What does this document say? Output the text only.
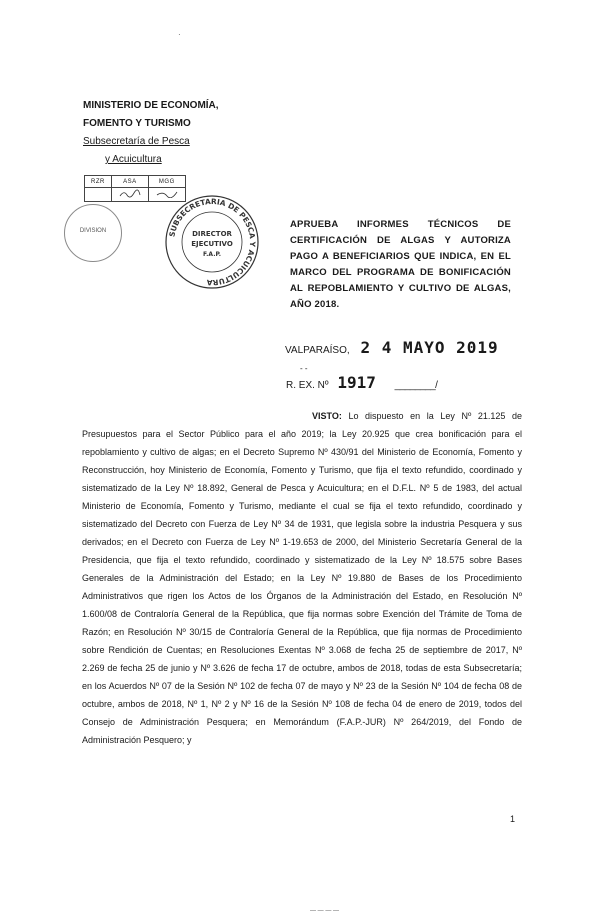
·
MINISTERIO DE ECONOMÍA,
FOMENTO Y TURISMO
Subsecretaría de Pesca
y Acuicultura
RZR	ASA	MGG

DIVISION	SUBSECRETARIA DE PESCA Y ACUICULTURA
DIRECTOR
EJECUTIVO
F.A.P.
APRUEBA INFORMES TÉCNICOS DE CERTIFICACIÓN DE ALGAS Y AUTORIZA PAGO A BENEFICIARIOS QUE INDICA, EN EL MARCO DEL PROGRAMA DE BONIFICACIÓN AL REPOBLAMIENTO Y CULTIVO DE ALGAS, AÑO 2018.
VALPARAÍSO, 2 4 MAYO 2019
- -
R. EX. Nº 1917 ________/
VISTO: Lo dispuesto en la Ley Nº 21.125 de Presupuestos para el Sector Público para el año 2019; la Ley 20.925 que crea bonificación para el repoblamiento y cultivo de algas; en el Decreto Supremo Nº 430/91 del Ministerio de Economía, Fomento y Reconstrucción, hoy Ministerio de Economía, Fomento y Turismo, que fija el texto refundido, coordinado y sistematizado de la Ley Nº 18.892, General de Pesca y Acuicultura; en el D.F.L. Nº 5 de 1983, del actual Ministerio de Economía, Fomento y Turismo, mediante el cual se fija el texto refundido, coordinado y sistematizado del Decreto con Fuerza de Ley Nº 34 de 1931, que legisla sobre la industria Pesquera y sus derivados; en el Decreto con Fuerza de Ley Nº 1-19.653 de 2000, del Ministerio Secretaría General de la Presidencia, que fija el texto refundido, coordinado y sistematizado de la Ley Nº 18.575 sobre Bases Generales de la Administración del Estado; en la Ley Nº 19.880 de Bases de los Procedimiento Administrativos que rigen los Actos de los Órganos de la Administración del Estado, en Resolución Nº 1.600/08 de Contraloría General de la República, que fija normas sobre Exención del Trámite de Toma de Razón; en Resolución Nº 30/15 de Contraloría General de la República, que fija normas de Procedimiento sobre Rendición de Cuentas; en Resoluciones Exentas Nº 3.068 de fecha 25 de septiembre de 2017, Nº 2.269 de fecha 25 de junio y Nº 3.626 de fecha 17 de octubre, ambos de 2018, todas de esta Subsecretaría; en los Acuerdos Nº 07 de la Sesión Nº 102 de fecha 07 de mayo y Nº 23 de la Sesión Nº 104 de fecha 08 de octubre, ambos de 2018, Nº 1, Nº 2 y Nº 16 de la Sesión Nº 108 de fecha 04 de enero de 2019, todos del Consejo de Administración Pesquera; en Memorándum (F.A.P.-JUR) Nº 264/2019, del Fondo de Administración Pesquero; y
1
— — — —
